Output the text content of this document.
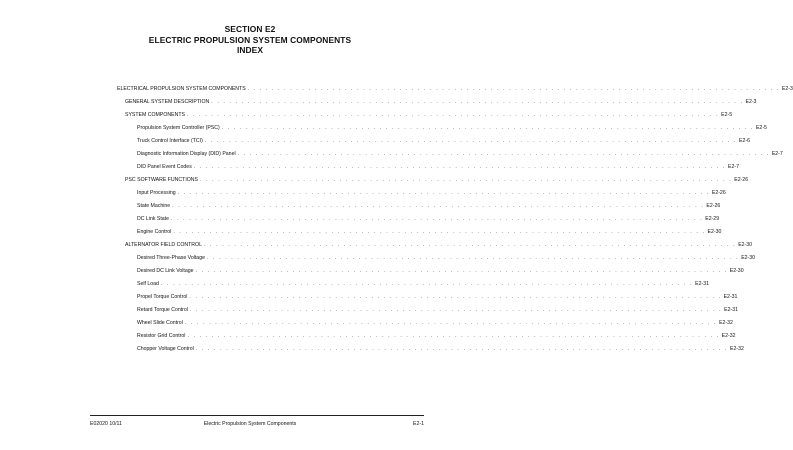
SECTION E2
ELECTRIC PROPULSION SYSTEM COMPONENTS
INDEX
ELECTRICAL PROPULSION SYSTEM COMPONENTS . . . . . . . . . . . . . . . . . . . . . . . . . . . . . . . . . . . . . . . . . . . . . . . . . . . . . . . . . . . . . . . . . . . . . . . . . . . . . . . . . . . . . . . . E2-3
GENERAL SYSTEM DESCRIPTION . . . . . . . . . . . . . . . . . . . . . . . . . . . . . . . . . . . . . . . . . . . . . . . . . . . . . . . . . . . . . . . . . . . . . . . . . . . . . . . . . . . . . . . . E2-3
SYSTEM COMPONENTS . . . . . . . . . . . . . . . . . . . . . . . . . . . . . . . . . . . . . . . . . . . . . . . . . . . . . . . . . . . . . . . . . . . . . . . . . . . . . . . . . . . . . . . . E2-5
Propulsion System Controller (PSC) . . . . . . . . . . . . . . . . . . . . . . . . . . . . . . . . . . . . . . . . . . . . . . . . . . . . . . . . . . . . . . . . . . . . . . . . . . . . . . . . . . . . . . . . E2-5
Truck Control Interface (TCI) . . . . . . . . . . . . . . . . . . . . . . . . . . . . . . . . . . . . . . . . . . . . . . . . . . . . . . . . . . . . . . . . . . . . . . . . . . . . . . . . . . . . . . . . E2-6
Diagnostic Information Display (DID) Panel . . . . . . . . . . . . . . . . . . . . . . . . . . . . . . . . . . . . . . . . . . . . . . . . . . . . . . . . . . . . . . . . . . . . . . . . . . . . . . . . . . . . . . . . E2-7
DID Panel Event Codes . . . . . . . . . . . . . . . . . . . . . . . . . . . . . . . . . . . . . . . . . . . . . . . . . . . . . . . . . . . . . . . . . . . . . . . . . . . . . . . . . . . . . . . . E2-7
PSC SOFTWARE FUNCTIONS . . . . . . . . . . . . . . . . . . . . . . . . . . . . . . . . . . . . . . . . . . . . . . . . . . . . . . . . . . . . . . . . . . . . . . . . . . . . . . . . . . . . . . . . E2-26
Input Processing . . . . . . . . . . . . . . . . . . . . . . . . . . . . . . . . . . . . . . . . . . . . . . . . . . . . . . . . . . . . . . . . . . . . . . . . . . . . . . . . . . . . . . . . E2-26
State Machine . . . . . . . . . . . . . . . . . . . . . . . . . . . . . . . . . . . . . . . . . . . . . . . . . . . . . . . . . . . . . . . . . . . . . . . . . . . . . . . . . . . . . . . . E2-26
DC Link State . . . . . . . . . . . . . . . . . . . . . . . . . . . . . . . . . . . . . . . . . . . . . . . . . . . . . . . . . . . . . . . . . . . . . . . . . . . . . . . . . . . . . . . . E2-29
Engine Control . . . . . . . . . . . . . . . . . . . . . . . . . . . . . . . . . . . . . . . . . . . . . . . . . . . . . . . . . . . . . . . . . . . . . . . . . . . . . . . . . . . . . . . . E2-30
ALTERNATOR FIELD CONTROL . . . . . . . . . . . . . . . . . . . . . . . . . . . . . . . . . . . . . . . . . . . . . . . . . . . . . . . . . . . . . . . . . . . . . . . . . . . . . . . . . . . . . . . . E2-30
Desired Three-Phase Voltage . . . . . . . . . . . . . . . . . . . . . . . . . . . . . . . . . . . . . . . . . . . . . . . . . . . . . . . . . . . . . . . . . . . . . . . . . . . . . . . . . . . . . . . . E2-30
Desired DC Link Voltage . . . . . . . . . . . . . . . . . . . . . . . . . . . . . . . . . . . . . . . . . . . . . . . . . . . . . . . . . . . . . . . . . . . . . . . . . . . . . . . . . . . . . . . . E2-30
Self Load . . . . . . . . . . . . . . . . . . . . . . . . . . . . . . . . . . . . . . . . . . . . . . . . . . . . . . . . . . . . . . . . . . . . . . . . . . . . . . . . . . . . . . . . E2-31
Propel Torque Control . . . . . . . . . . . . . . . . . . . . . . . . . . . . . . . . . . . . . . . . . . . . . . . . . . . . . . . . . . . . . . . . . . . . . . . . . . . . . . . . . . . . . . . . E2-31
Retard Torque Control . . . . . . . . . . . . . . . . . . . . . . . . . . . . . . . . . . . . . . . . . . . . . . . . . . . . . . . . . . . . . . . . . . . . . . . . . . . . . . . . . . . . . . . . E2-31
Wheel Slide Control . . . . . . . . . . . . . . . . . . . . . . . . . . . . . . . . . . . . . . . . . . . . . . . . . . . . . . . . . . . . . . . . . . . . . . . . . . . . . . . . . . . . . . . . E2-32
Resistor Grid Control . . . . . . . . . . . . . . . . . . . . . . . . . . . . . . . . . . . . . . . . . . . . . . . . . . . . . . . . . . . . . . . . . . . . . . . . . . . . . . . . . . . . . . . . E2-32
Chopper Voltage Control . . . . . . . . . . . . . . . . . . . . . . . . . . . . . . . . . . . . . . . . . . . . . . . . . . . . . . . . . . . . . . . . . . . . . . . . . . . . . . . . . . . . . . . . E2-32
E02020 10/11	Electric Propulsion System Components	E2-1
